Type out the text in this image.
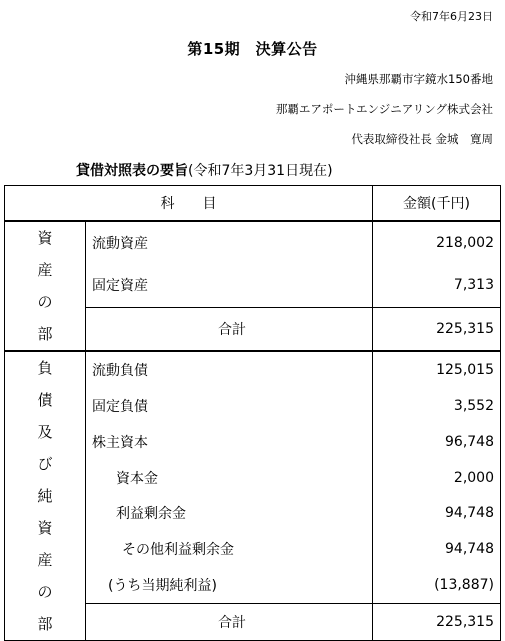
令和7年6月23日
第15期　決算公告
沖縄県那覇市字鏡水150番地
那覇エアポートエンジニアリング株式会社
代表取締役社長 金城　寛周
貸借対照表の要旨(令和7年3月31日現在)
科　　目		金額(千円)
資産の部	流動資産	218,002
	固定資産	7,313
	合計	225,315
負債及び純資産の部	流動負債	125,015
	固定負債	3,552
	株主資本	96,748
	資本金	2,000
	利益剰余金	94,748
	その他利益剰余金	94,748
	(うち当期純利益)	(13,887)
	合計	225,315
